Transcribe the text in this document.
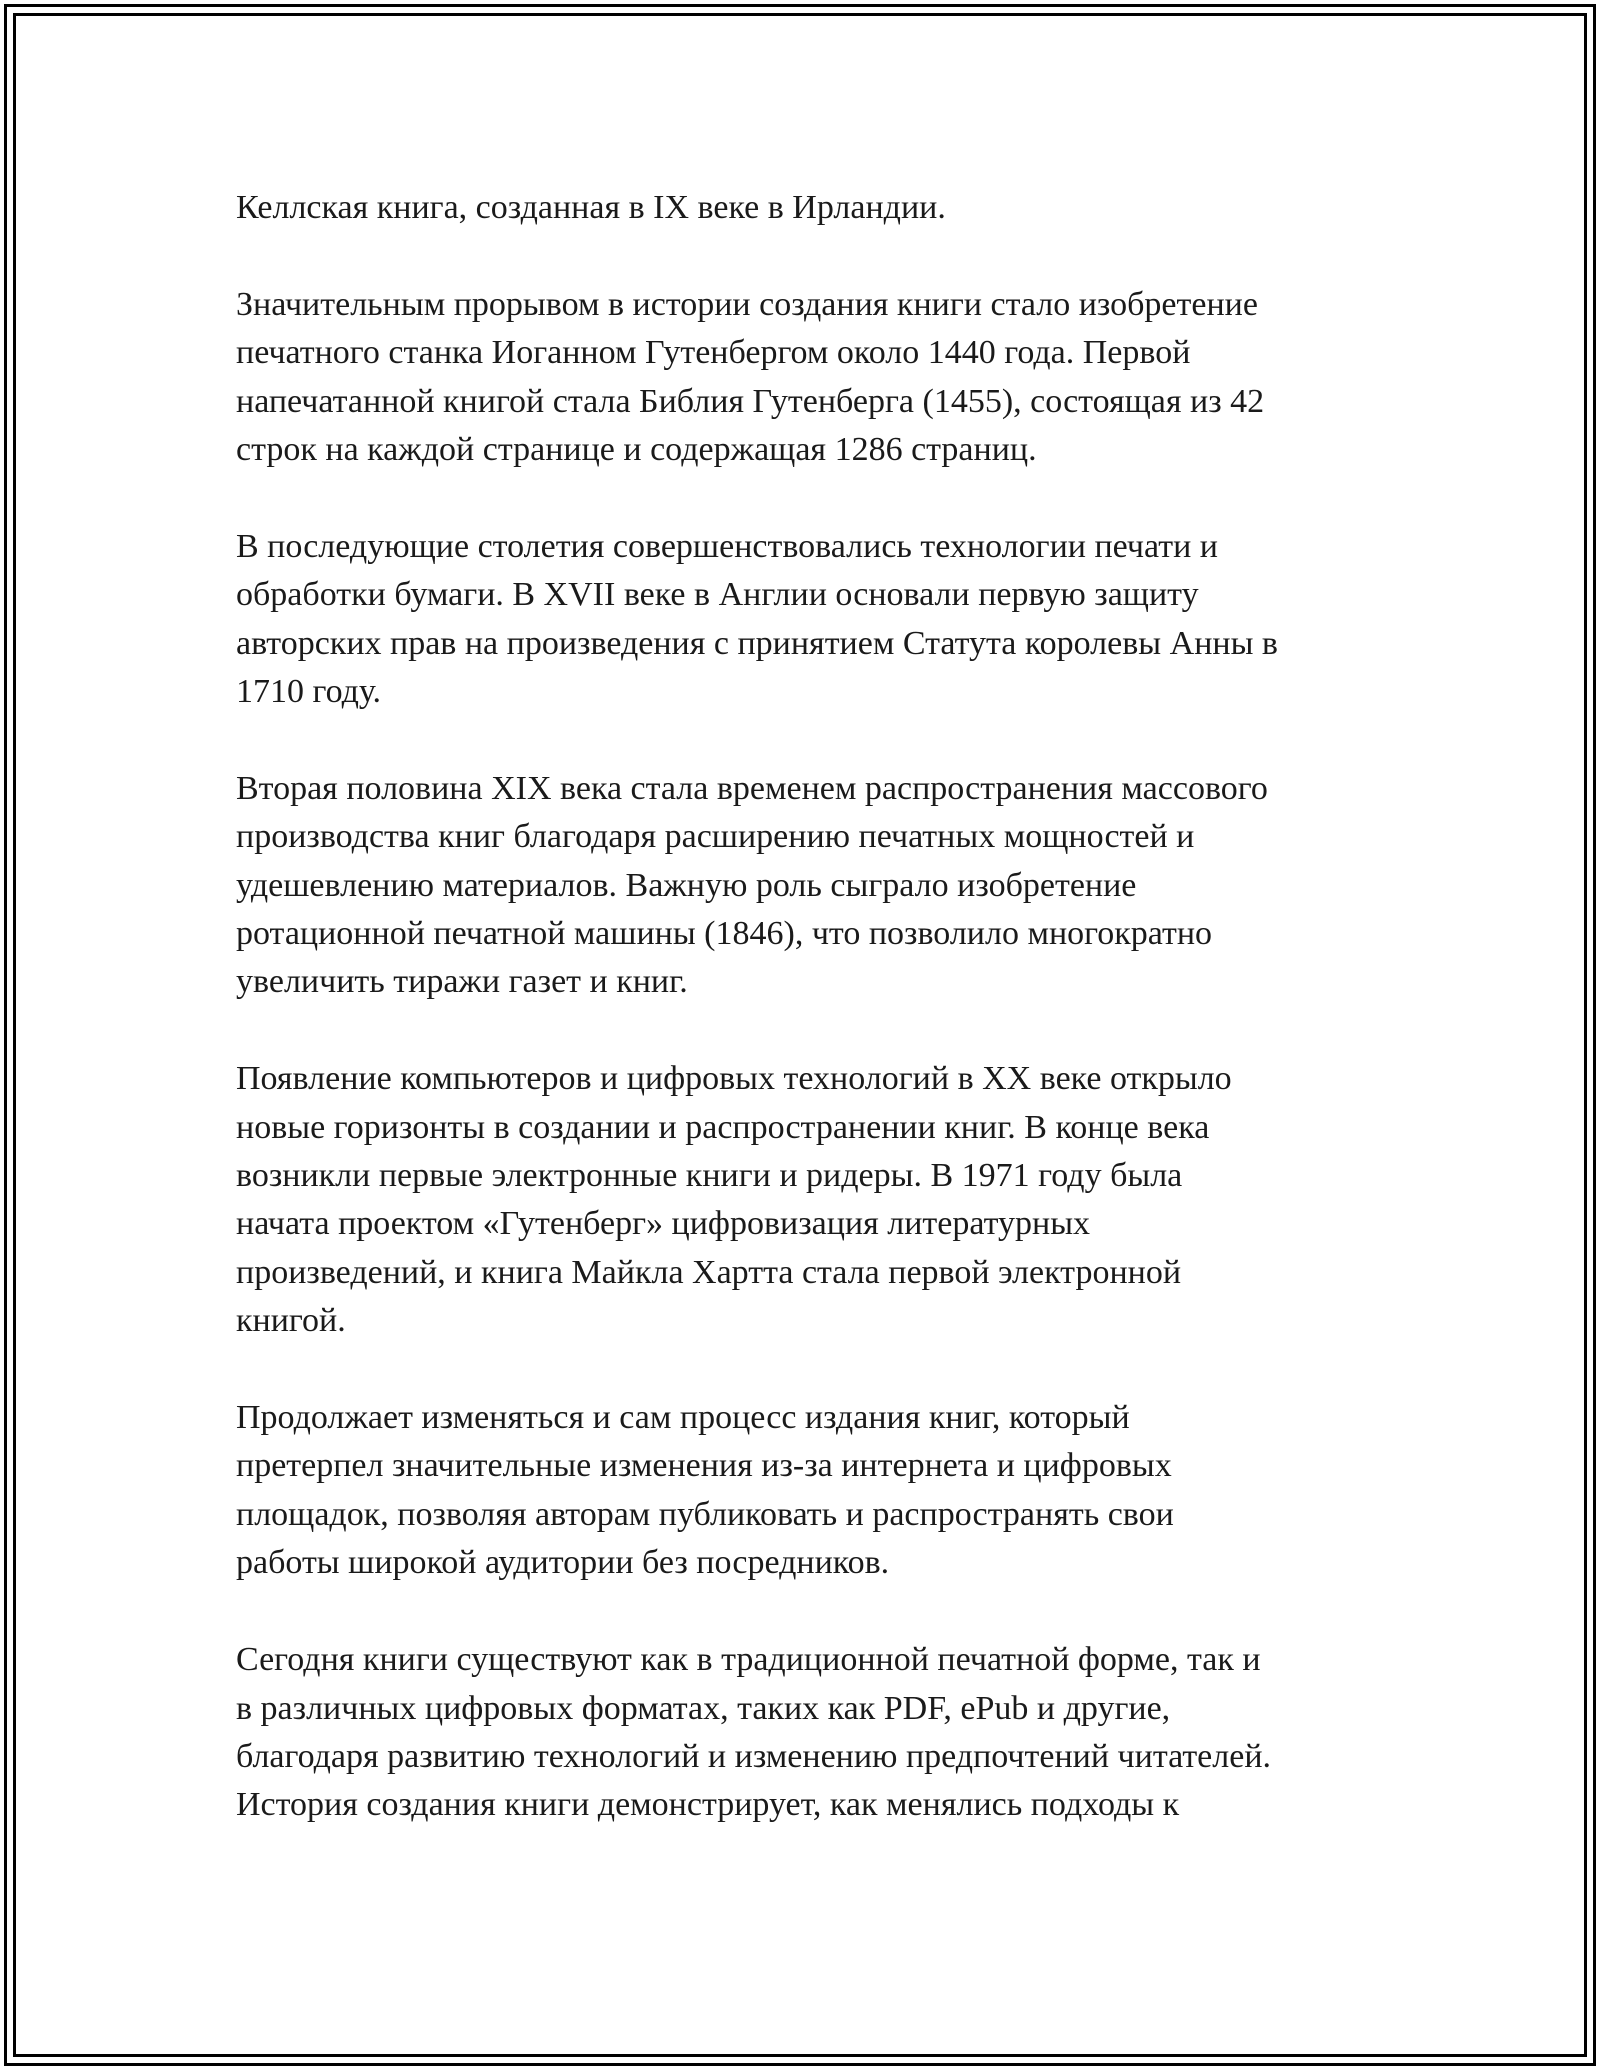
Келлская книга, созданная в IX веке в Ирландии.

Значительным прорывом в истории создания книги стало изобретение
печатного станка Иоганном Гутенбергом около 1440 года. Первой
напечатанной книгой стала Библия Гутенберга (1455), состоящая из 42
строк на каждой странице и содержащая 1286 страниц.

В последующие столетия совершенствовались технологии печати и
обработки бумаги. В XVII веке в Англии основали первую защиту
авторских прав на произведения с принятием Статута королевы Анны в
1710 году.

Вторая половина XIX века стала временем распространения массового
производства книг благодаря расширению печатных мощностей и
удешевлению материалов. Важную роль сыграло изобретение
ротационной печатной машины (1846), что позволило многократно
увеличить тиражи газет и книг.

Появление компьютеров и цифровых технологий в XX веке открыло
новые горизонты в создании и распространении книг. В конце века
возникли первые электронные книги и ридеры. В 1971 году была
начата проектом «Гутенберг» цифровизация литературных
произведений, и книга Майкла Хартта стала первой электронной
книгой.

Продолжает изменяться и сам процесс издания книг, который
претерпел значительные изменения из-за интернета и цифровых
площадок, позволяя авторам публиковать и распространять свои
работы широкой аудитории без посредников.

Сегодня книги существуют как в традиционной печатной форме, так и
в различных цифровых форматах, таких как PDF, ePub и другие,
благодаря развитию технологий и изменению предпочтений читателей.
История создания книги демонстрирует, как менялись подходы к
